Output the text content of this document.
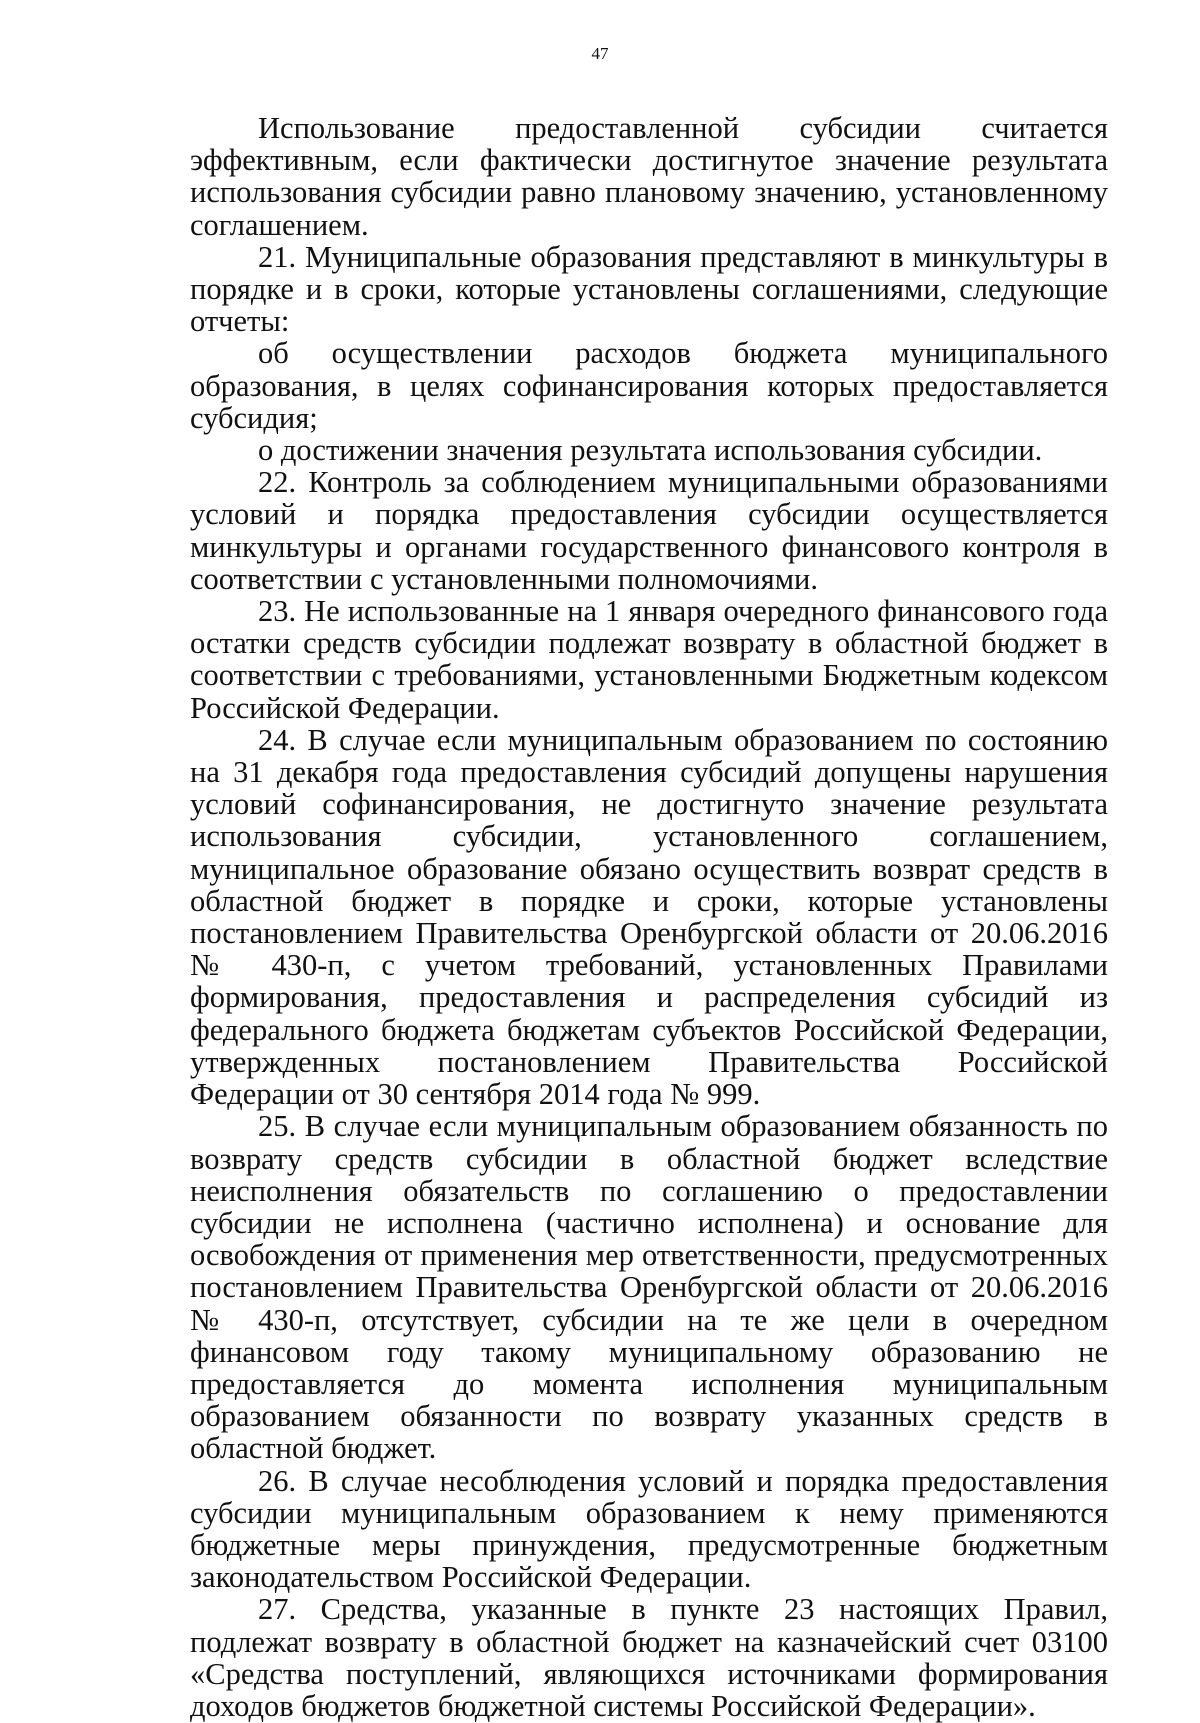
47

Использование предоставленной субсидии считается эффективным, если фактически достигнутое значение результата использования субсидии равно плановому значению, установленному соглашением.

21. Муниципальные образования представляют в минкультуры в порядке и в сроки, которые установлены соглашениями, следующие отчеты:

об осуществлении расходов бюджета муниципального образования, в целях софинансирования которых предоставляется субсидия;

о достижении значения результата использования субсидии.

22. Контроль за соблюдением муниципальными образованиями условий и порядка предоставления субсидии осуществляется минкультуры и органами государственного финансового контроля в соответствии с установленными полномочиями.

23. Не использованные на 1 января очередного финансового года остатки средств субсидии подлежат возврату в областной бюджет в соответствии с требованиями, установленными Бюджетным кодексом Российской Федерации.

24. В случае если муниципальным образованием по состоянию на 31 декабря года предоставления субсидий допущены нарушения условий софинансирования, не достигнуто значение результата использования субсидии, установленного соглашением, муниципальное образование обязано осуществить возврат средств в областной бюджет в порядке и сроки, которые установлены постановлением Правительства Оренбургской области от 20.06.2016 № 430-п, с учетом требований, установленных Правилами формирования, предоставления и распределения субсидий из федерального бюджета бюджетам субъектов Российской Федерации, утвержденных постановлением Правительства Российской Федерации от 30 сентября 2014 года № 999.

25. В случае если муниципальным образованием обязанность по возврату средств субсидии в областной бюджет вследствие неисполнения обязательств по соглашению о предоставлении субсидии не исполнена (частично исполнена) и основание для освобождения от применения мер ответственности, предусмотренных постановлением Правительства Оренбургской области от 20.06.2016 № 430-п, отсутствует, субсидии на те же цели в очередном финансовом году такому муниципальному образованию не предоставляется до момента исполнения муниципальным образованием обязанности по возврату указанных средств в областной бюджет.

26. В случае несоблюдения условий и порядка предоставления субсидии муниципальным образованием к нему применяются бюджетные меры принуждения, предусмотренные бюджетным законодательством Российской Федерации.

27. Средства, указанные в пункте 23 настоящих Правил, подлежат возврату в областной бюджет на казначейский счет 03100 «Средства поступлений, являющихся источниками формирования доходов бюджетов бюджетной системы Российской Федерации».
